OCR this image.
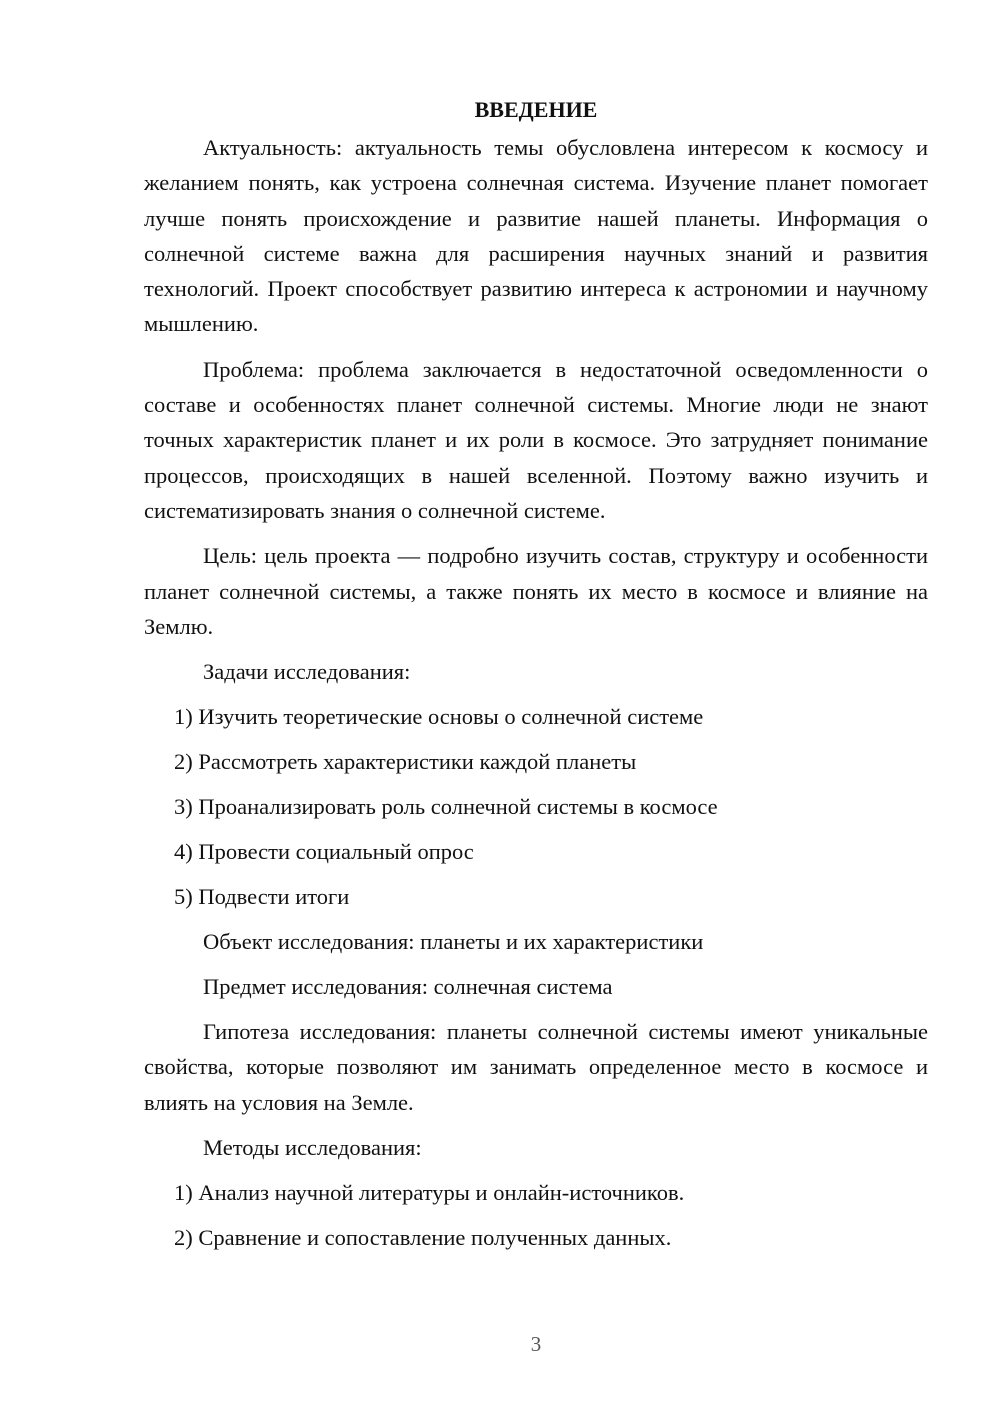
ВВЕДЕНИЕ

Актуальность: актуальность темы обусловлена интересом к космосу и желанием понять, как устроена солнечная система. Изучение планет помогает лучше понять происхождение и развитие нашей планеты. Информация о солнечной системе важна для расширения научных знаний и развития технологий. Проект способствует развитию интереса к астрономии и научному мышлению.

Проблема: проблема заключается в недостаточной осведомленности о составе и особенностях планет солнечной системы. Многие люди не знают точных характеристик планет и их роли в космосе. Это затрудняет понимание процессов, происходящих в нашей вселенной. Поэтому важно изучить и систематизировать знания о солнечной системе.

Цель: цель проекта — подробно изучить состав, структуру и особенности планет солнечной системы, а также понять их место в космосе и влияние на Землю.

Задачи исследования:
1) Изучить теоретические основы о солнечной системе
2) Рассмотреть характеристики каждой планеты
3) Проанализировать роль солнечной системы в космосе
4) Провести социальный опрос
5) Подвести итоги
Объект исследования: планеты и их характеристики
Предмет исследования: солнечная система

Гипотеза исследования: планеты солнечной системы имеют уникальные свойства, которые позволяют им занимать определенное место в космосе и влиять на условия на Земле.

Методы исследования:
1) Анализ научной литературы и онлайн-источников.
2) Сравнение и сопоставление полученных данных.
3
